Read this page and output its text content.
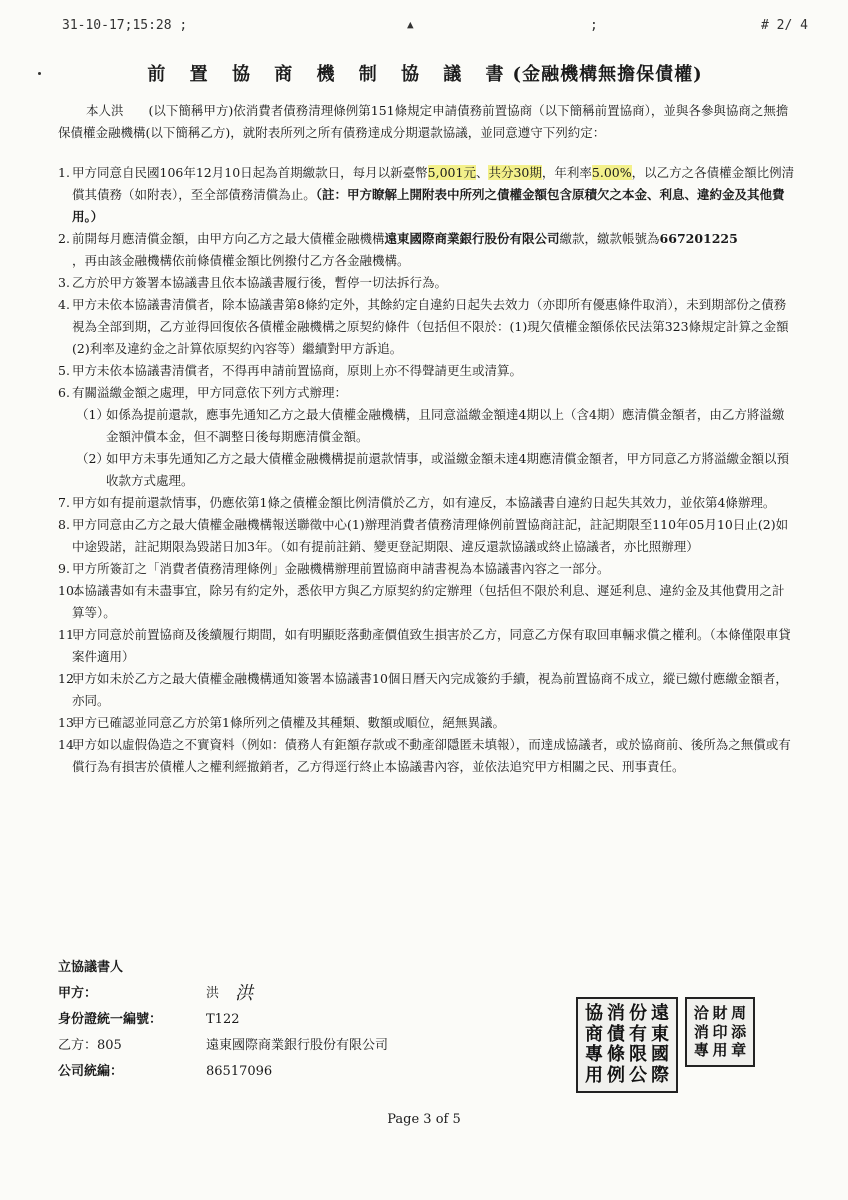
31-10-17;15:28 ;	▲	;	# 2/ 4
前 置 協 商 機 制 協 議 書(金融機構無擔保債權)

本人洪　　(以下簡稱甲方)依消費者債務清理條例第151條規定申請債務前置協商（以下簡稱前置協商），並與各參與協商之無擔保債權金融機構(以下簡稱乙方)，就附表所列之所有債務達成分期還款協議，並同意遵守下列約定：

1. 甲方同意自民國106年12月10日起為首期繳款日，每月以新臺幣5,001元、共分30期，年利率5.00%，以乙方之各債權金額比例清償其債務（如附表），至全部債務清償為止。（註：甲方瞭解上開附表中所列之債權金額包含原積欠之本金、利息、違約金及其他費用。）
2. 前開每月應清償金額，由甲方向乙方之最大債權金融機構遠東國際商業銀行股份有限公司繳款，繳款帳號為667201225　　　　　，再由該金融機構依前條債權金額比例撥付乙方各金融機構。
3. 乙方於甲方簽署本協議書且依本協議書履行後，暫停一切法拆行為。
4. 甲方未依本協議書清償者，除本協議書第8條約定外，其餘約定自違約日起失去效力（亦即所有優惠條件取消），未到期部份之債務視為全部到期，乙方並得回復依各債權金融機構之原契約條件（包括但不限於：(1)現欠債權金額係依民法第323條規定計算之金額(2)利率及違約金之計算依原契約內容等）繼續對甲方訴追。
5. 甲方未依本協議書清償者，不得再申請前置協商，原則上亦不得聲請更生或清算。
6. 有關溢繳金額之處理，甲方同意依下列方式辦理：
（1）
如係為提前還款，應事先通知乙方之最大債權金融機構，且同意溢繳金額達4期以上（含4期）應清償金額者，由乙方將溢繳金額沖償本金，但不調整日後每期應清償金額。
（2）
如甲方未事先通知乙方之最大債權金融機構提前還款情事，或溢繳金額未達4期應清償金額者，甲方同意乙方將溢繳金額以預收款方式處理。
7. 甲方如有提前還款情事，仍應依第1條之債權金額比例清償於乙方，如有違反，本協議書自違約日起失其效力，並依第4條辦理。
8. 甲方同意由乙方之最大債權金融機構報送聯徵中心(1)辦理消費者債務清理條例前置協商註記，註記期限至110年05月10日止(2)如中途毀諾，註記期限為毀諾日加3年。（如有提前註銷、變更登記期限、違反還款協議或終止協議者，亦比照辦理）
9. 甲方所簽訂之「消費者債務清理條例」金融機構辦理前置協商申請書視為本協議書內容之一部分。
10.
本協議書如有未盡事宜，除另有約定外，悉依甲方與乙方原契約約定辦理（包括但不限於利息、遲延利息、違約金及其他費用之計算等）。
11.
甲方同意於前置協商及後續履行期間，如有明顯貶落動產價值致生損害於乙方，同意乙方保有取回車輛求償之權利。（本條僅限車貸案件適用）
12.
甲方如未於乙方之最大債權金融機構通知簽署本協議書10個日曆天內完成簽約手續，視為前置協商不成立，縱已繳付應繳金額者，亦同。
13.
甲方已確認並同意乙方於第1條所列之債權及其種類、數額或順位，絕無異議。
14.
甲方如以虛假偽造之不實資料（例如：債務人有鉅額存款或不動產卻隱匿未填報），而達成協議者，或於協商前、後所為之無償或有償行為有損害於債權人之權利經撤銷者，乙方得逕行終止本協議書內容，並依法追究甲方相關之民、刑事責任。
立協議書人
甲方：	洪 洪
身份證統一編號：	T122
乙方：805	遠東國際商業銀行股份有限公司
公司統編：	86517096
協 消 份 遠
商 債 有 東
專 條 限 國
用 例 公 際
洽 財 周
消 印 添
專 用 章
Page 3 of 5
